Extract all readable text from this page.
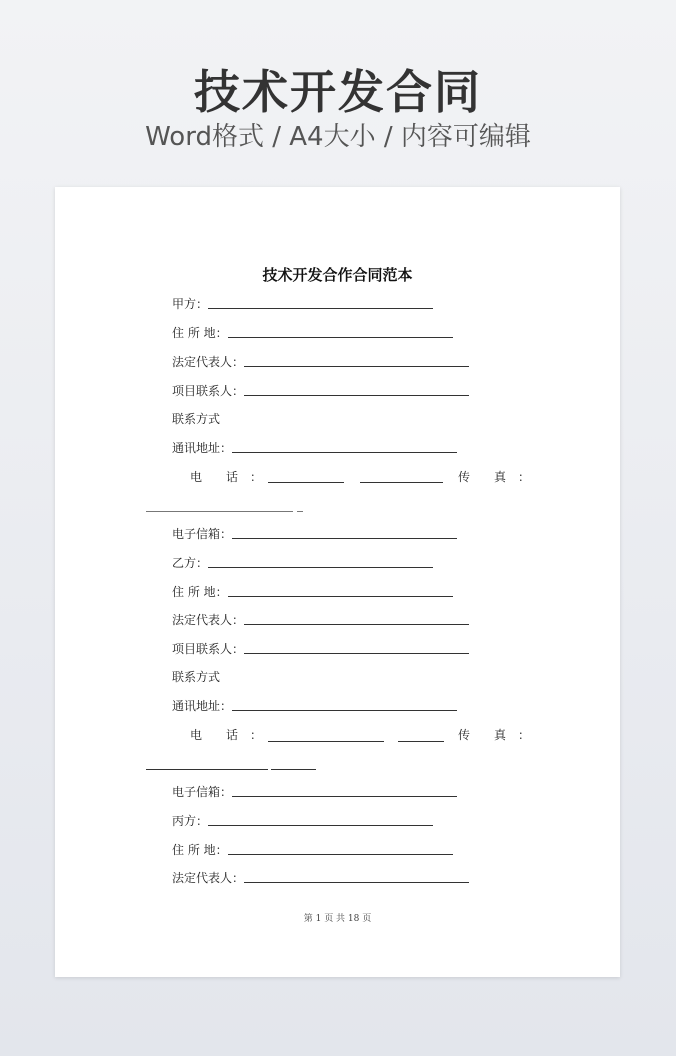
技术开发合同
Word格式 / A4大小 / 内容可编辑
技术开发合作合同范本
甲方：
住 所 地：
法定代表人：
项目联系人：
联系方式
通讯地址：
电　　话　：	传　　真　：
电子信箱：
乙方：
住 所 地：
法定代表人：
项目联系人：
联系方式
通讯地址：
电　　话　：	传　　真　：
电子信箱：
丙方：
住 所 地：
法定代表人：
第 1 页 共 18 页
